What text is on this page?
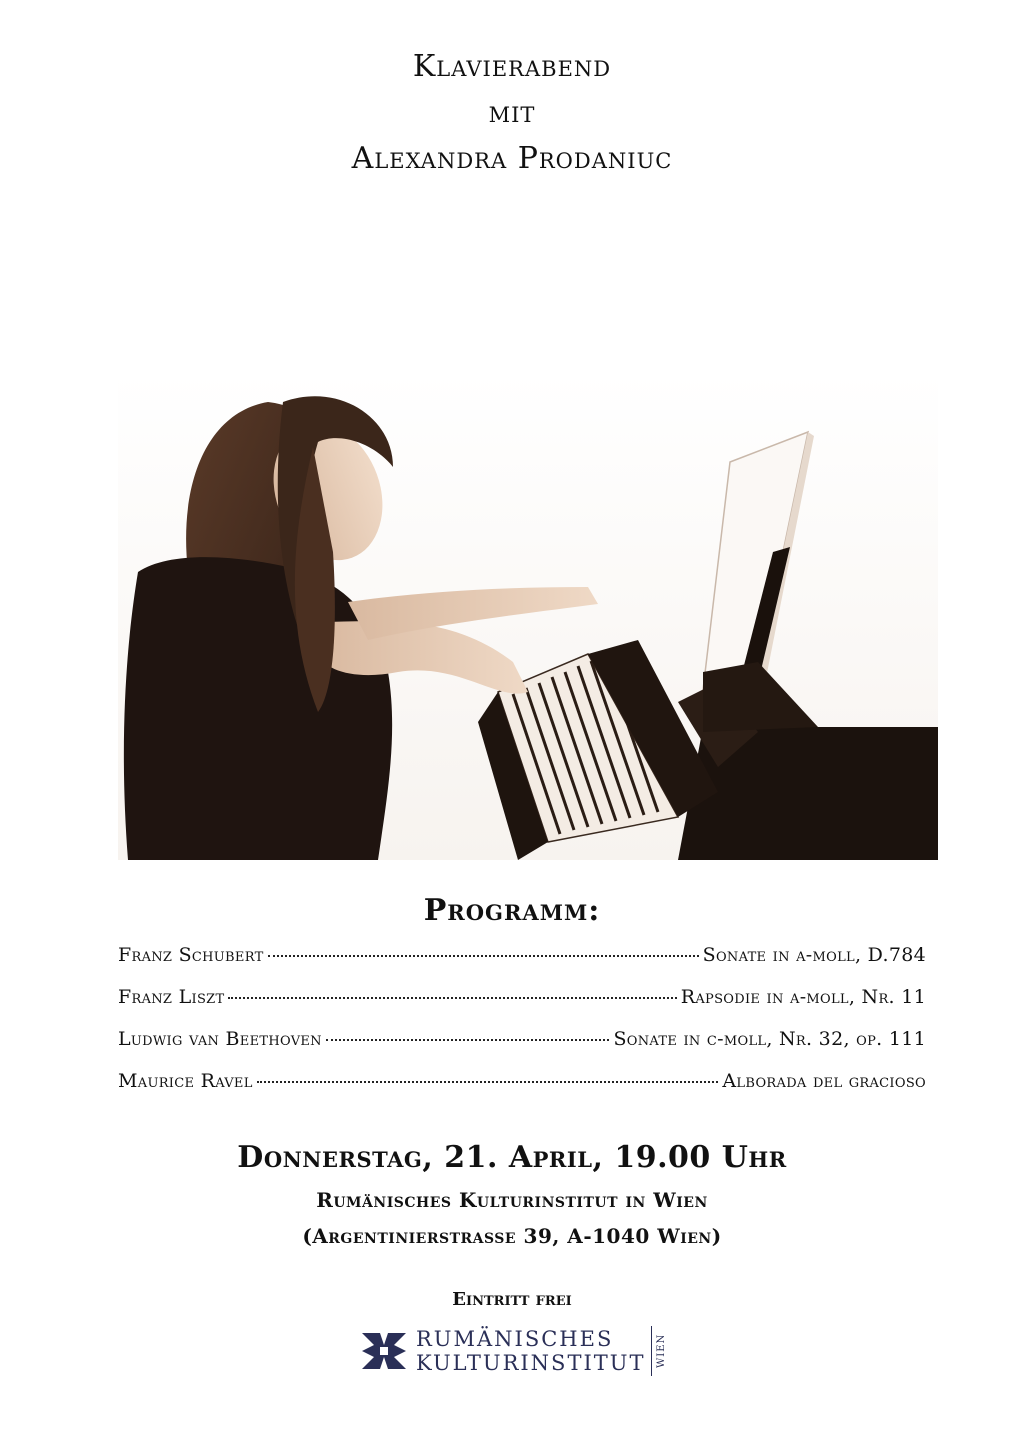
Klavierabend
mit
Alexandra Prodaniuc
Programm:
Franz Schubert	Sonate in a-moll, D.784
Franz Liszt	Rapsodie in a-moll, Nr. 11
Ludwig van Beethoven	Sonate in c-moll, Nr. 32, op. 111
Maurice Ravel	Alborada del gracioso
Donnerstag, 21. April, 19.00 Uhr
Rumänisches Kulturinstitut in Wien
(Argentinierstrasse 39, A-1040 Wien)
Eintritt frei
RUMÄNISCHES
KULTURINSTITUT WIEN
